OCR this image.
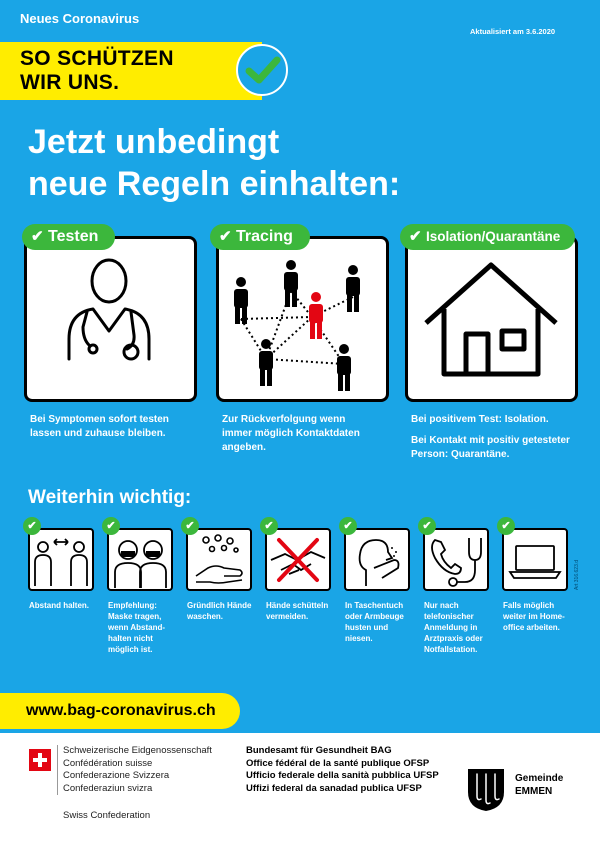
Neues Coronavirus
Aktualisiert am 3.6.2020
SO SCHÜTZEN
WIR UNS.
Jetzt unbedingt
neue Regeln einhalten:
✔ Testen	✔ Tracing	✔ Isolation/Quarantäne
Bei Symptomen sofort testen
lassen und zuhause bleiben.
Zur Rückverfolgung wenn
immer möglich Kontaktdaten
angeben.
Bei positivem Test: Isolation.
Bei Kontakt mit positiv getesteter
Person: Quarantäne.
Weiterhin wichtig:
✔	✔	✔	✔	✔	✔	✔
Abstand halten.	Empfehlung:
Maske tragen,
wenn Abstand-
halten nicht
möglich ist.
Gründlich Hände
waschen.
Hände schütteln
vermeiden.
In Taschentuch
oder Armbeuge
husten und
niesen.
Nur nach
telefonischer
Anmeldung in
Arztpraxis oder
Notfallstation.
Falls möglich
weiter im Home-
office arbeiten.
Art 316.623.d
www.bag-coronavirus.ch
Schweizerische Eidgenossenschaft
Confédération suisse
Confederazione Svizzera
Confederaziun svizra
Swiss Confederation
Bundesamt für Gesundheit BAG
Office fédéral de la santé publique OFSP
Ufficio federale della sanità pubblica UFSP
Uffizi federal da sanadad publica UFSP
Gemeinde
EMMEN
